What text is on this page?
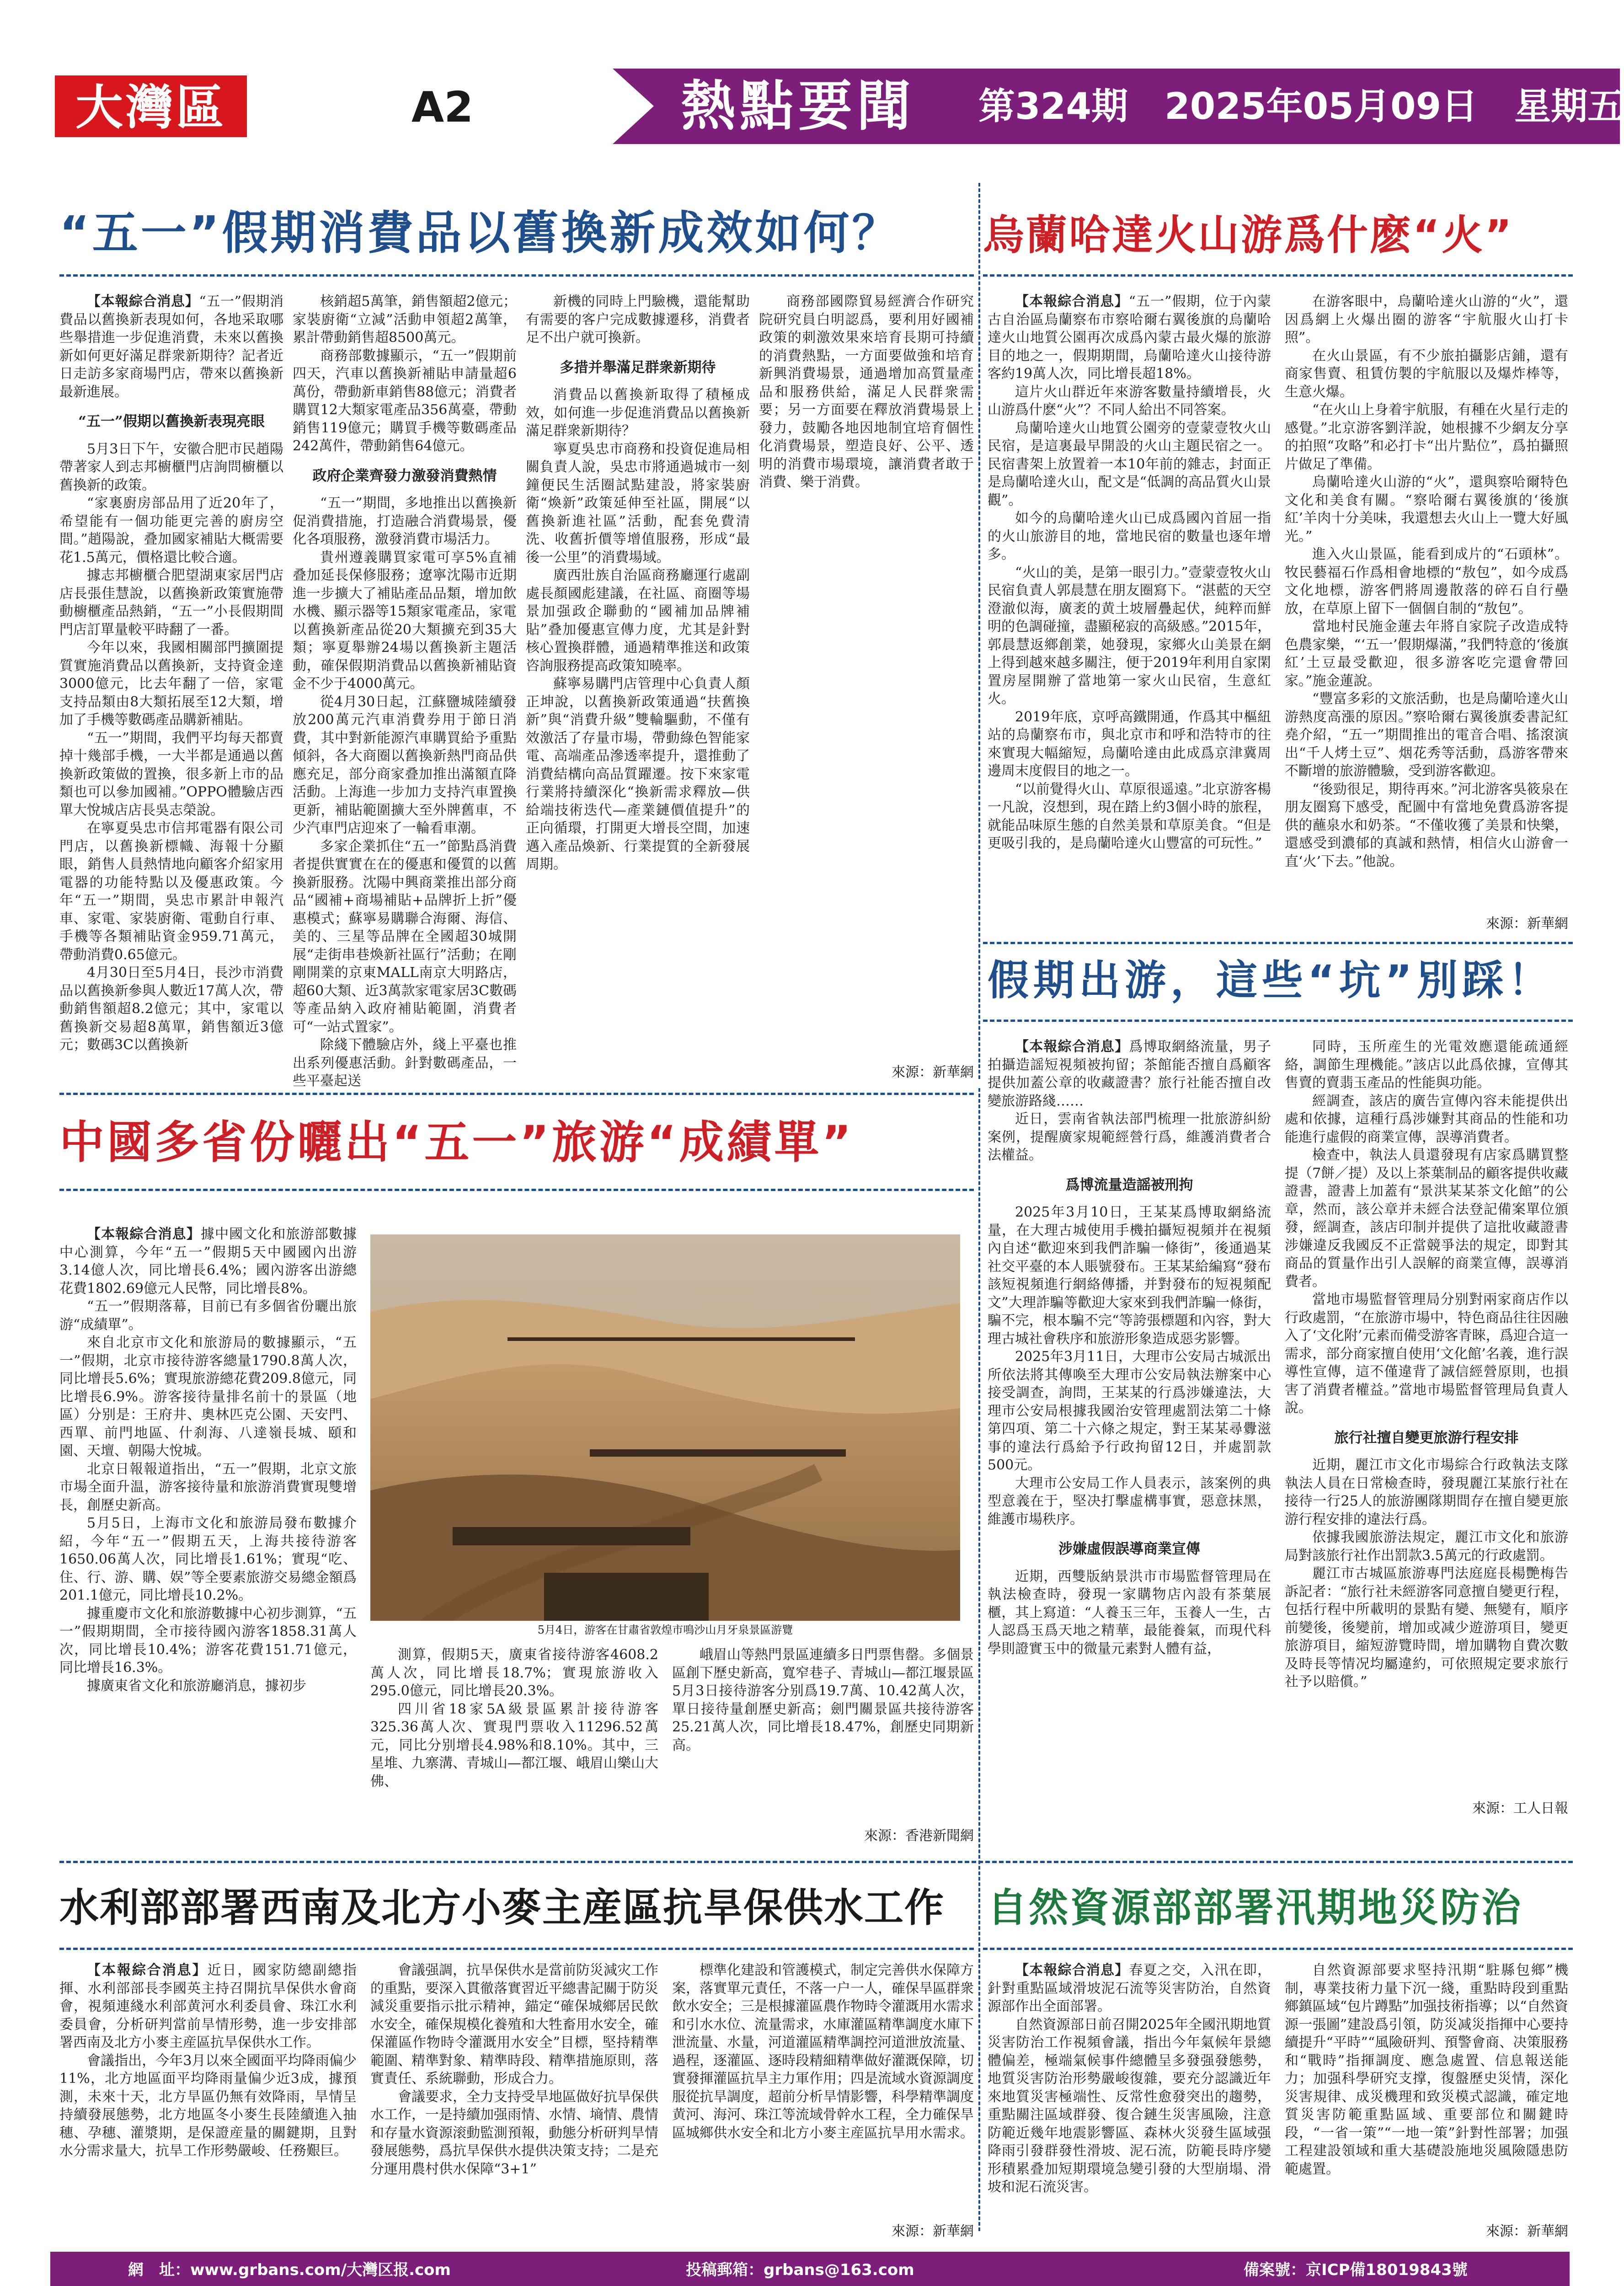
大灣區報
A2	熱點要聞	第324期　2025年05月09日　星期五
“五一”假期消費品以舊換新成效如何？

【本報綜合消息】“五一”假期消費品以舊換新表現如何，各地采取哪些舉措進一步促進消費，未來以舊換新如何更好滿足群衆新期待？記者近日走訪多家商場門店，帶來以舊換新最新進展。

“五一”假期以舊換新表現亮眼

5月3日下午，安徽合肥市民趙陽帶著家人到志邦櫥櫃門店詢問櫥櫃以舊換新的政策。

“家裏廚房部品用了近20年了，希望能有一個功能更完善的廚房空間。”趙陽說，叠加國家補貼大概需要花1.5萬元，價格還比較合適。

據志邦櫥櫃合肥望湖東家居門店店長張佳慧說，以舊換新政策實施帶動櫥櫃產品熱銷，“五一”小長假期間門店訂單量較平時翻了一番。

今年以來，我國相關部門擴圍提質實施消費品以舊換新，支持資金達3000億元，比去年翻了一倍，家電支持品類由8大類拓展至12大類，增加了手機等數碼產品購新補貼。

“五一”期間，我們平均每天都賣掉十幾部手機，一大半都是通過以舊換新政策做的置換，很多新上市的品類也可以參加國補。”OPPO體驗店西單大悅城店店長吳志榮說。

在寧夏吳忠市信邦電器有限公司門店，以舊換新標幟、海報十分顯眼，銷售人員熱情地向顧客介紹家用電器的功能特點以及優惠政策。今年“五一”期間，吳忠市累計申報汽車、家電、家裝廚衛、電動自行車、手機等各類補貼資金959.71萬元，帶動消費0.65億元。

4月30日至5月4日，長沙市消費品以舊換新參與人數近17萬人次，帶動銷售額超8.2億元；其中，家電以舊換新交易超8萬單，銷售額近3億元；數碼3C以舊換新

核銷超5萬筆，銷售額超2億元；家裝廚衛“立減”活動申領超2萬筆，累計帶動銷售超8500萬元。

商務部數據顯示，“五一”假期前四天，汽車以舊換新補貼申請量超6萬份，帶動新車銷售88億元；消費者購買12大類家電產品356萬臺，帶動銷售119億元；購買手機等數碼產品242萬件，帶動銷售64億元。

政府企業齊發力激發消費熱情

“五一”期間，多地推出以舊換新促消費措施，打造融合消費場景，優化各項服務，激發消費市場活力。

貴州遵義購買家電可享5%直補叠加延長保修服務；遼寧沈陽市近期進一步擴大了補貼產品品類，增加飲水機、顯示器等15類家電產品，家電以舊換新產品從20大類擴充到35大類；寧夏舉辦24場以舊換新主題活動，確保假期消費品以舊換新補貼資金不少于4000萬元。

從4月30日起，江蘇鹽城陸續發放200萬元汽車消費券用于節日消費，其中對新能源汽車購買給予重點傾斜，各大商圈以舊換新熱門商品供應充足，部分商家叠加推出滿額直降活動。上海進一步加力支持汽車置換更新，補貼範圍擴大至外牌舊車，不少汽車門店迎來了一輪看車潮。

多家企業抓住“五一”節點爲消費者提供實實在在的優惠和優質的以舊換新服務。沈陽中興商業推出部分商品“國補+商場補貼+品牌折上折”優惠模式；蘇寧易購聯合海爾、海信、美的、三星等品牌在全國超30城開展“走街串巷煥新社區行”活動；在剛剛開業的京東MALL南京大明路店，超60大類、近3萬款家電家居3C數碼等產品納入政府補貼範圍，消費者可“一站式置家”。

除綫下體驗店外，綫上平臺也推出系列優惠活動。針對數碼產品，一些平臺起送

新機的同時上門驗機，還能幫助有需要的客户完成數據遷移，消費者足不出户就可換新。

多措并舉滿足群衆新期待

消費品以舊換新取得了積極成效，如何進一步促進消費品以舊換新滿足群衆新期待？

寧夏吳忠市商務和投資促進局相關負責人說，吳忠市將通過城市一刻鐘便民生活圈試點建設，將家裝廚衛“煥新”政策延伸至社區，開展“以舊換新進社區”活動，配套免費清洗、收舊折價等增值服務，形成“最後一公里”的消費場域。

廣西壯族自治區商務廳運行處副處長顏國彪建議，在社區、商圈等場景加强政企聯動的“國補加品牌補貼”叠加優惠宣傳力度，尤其是針對核心置換群體，通過精準推送和政策咨詢服務提高政策知曉率。

蘇寧易購門店管理中心負責人顏正坤說，以舊換新政策通過“扶舊換新”與“消費升級”雙輪驅動，不僅有效激活了存量市場，帶動綠色智能家電、高端產品滲透率提升，還推動了消費結構向高品質躍遷。按下來家電行業將持續深化“換新需求釋放—供給端技術迭代—產業鏈價值提升”的正向循環，打開更大增長空間，加速邁入產品煥新、行業提質的全新發展周期。

商務部國際貿易經濟合作研究院研究員白明認爲，要利用好國補政策的刺激效果來培育長期可持續的消費熱點，一方面要做強和培育新興消費場景，通過增加高質量產品和服務供給，滿足人民群衆需要；另一方面要在釋放消費場景上發力，鼓勵各地因地制宜培育個性化消費場景，塑造良好、公平、透明的消費市場環境，讓消費者敢于消費、樂于消費。

來源：新華網
烏蘭哈達火山游爲什麽“火”

【本報綜合消息】“五一”假期，位于內蒙古自治區烏蘭察布市察哈爾右翼後旗的烏蘭哈達火山地質公園再次成爲內蒙古最火爆的旅游目的地之一，假期期間，烏蘭哈達火山接待游客約19萬人次，同比增長超18%。

這片火山群近年來游客數量持續增長，火山游爲什麽“火”？不同人給出不同答案。

烏蘭哈達火山地質公園旁的壹蒙壹牧火山民宿，是這裏最早開設的火山主題民宿之一。民宿書架上放置着一本10年前的雜志，封面正是烏蘭哈達火山，配文是“低調的高品質火山景觀”。

如今的烏蘭哈達火山已成爲國內首屈一指的火山旅游目的地，當地民宿的數量也逐年增多。

“火山的美，是第一眼引力。”壹蒙壹牧火山民宿負責人郭晨慧在朋友圈寫下。“湛藍的天空澄澈似海，廣袤的黄土坡層疊起伏，純粹而鮮明的色調碰撞，盡顯秘寂的高級感。”2015年，郭晨慧返鄉創業，她發現，家鄉火山美景在網上得到越來越多關注，便于2019年利用自家閑置房屋開辦了當地第一家火山民宿，生意紅火。

2019年底，京呼高鐵開通，作爲其中樞紐站的烏蘭察布市，與北京市和呼和浩特市的往來實現大幅縮短，烏蘭哈達由此成爲京津冀周邊周末度假目的地之一。

“以前覺得火山、草原很遥遠。”北京游客楊一凡說，沒想到，現在踏上約3個小時的旅程，就能品味原生態的自然美景和草原美食。“但是更吸引我的，是烏蘭哈達火山豐富的可玩性。”

在游客眼中，烏蘭哈達火山游的“火”，還因爲網上火爆出圈的游客“宇航服火山打卡照”。

在火山景區，有不少旅拍攝影店鋪，還有商家售賣、租賃仿製的宇航服以及爆炸棒等，生意火爆。

“在火山上身着宇航服，有種在火星行走的感覺。”北京游客劉洋說，她根據不少網友分享的拍照“攻略”和必打卡“出片點位”，爲拍攝照片做足了準備。

烏蘭哈達火山游的“火”，還與察哈爾特色文化和美食有關。“察哈爾右翼後旗的‘後旗紅’羊肉十分美味，我還想去火山上一覽大好風光。”

進入火山景區，能看到成片的“石頭林”。牧民藝福石作爲相會地標的“敖包”，如今成爲文化地標，游客們將周邊散落的碎石自行壘放，在草原上留下一個個自制的“敖包”。

當地村民施金蓮去年將自家院子改造成特色農家樂，“‘五一’假期爆滿，”我們特意的‘後旗紅’土豆最受歡迎，很多游客吃完還會帶回家。”施金蓮說。

“豐富多彩的文旅活動，也是烏蘭哈達火山游熱度高漲的原因。”察哈爾右翼後旗委書記紅堯介紹，“五一”期間推出的電音合唱、搖滾演出“千人烤土豆”、烟花秀等活動，爲游客帶來不斷增的旅游體驗，受到游客歡迎。

“後勁很足，期待再來。”河北游客吳筱泉在朋友圈寫下感受，配圖中有當地免費爲游客提供的蘸泉水和奶茶。“不僅收獲了美景和快樂，還感受到濃郁的真誠和熱情，相信火山游會一直‘火’下去。”他說。

來源：新華網
假期出游，這些“坑”別踩！

【本報綜合消息】爲博取網絡流量，男子拍攝造謡短視頻被拘留；茶館能否擅自爲顧客提供加蓋公章的收藏證書？旅行社能否擅自改變旅游路綫……

近日，雲南省執法部門梳理一批旅游糾紛案例，提醒廣家規範經營行爲，維護消費者合法權益。

爲博流量造謡被刑拘

2025年3月10日，王某某爲博取網絡流量，在大理古城使用手機拍攝短視頻并在視頻內自述“歡迎來到我們詐騙一條街”，後通過某社交平臺的本人賬號發布。王某某給編寫“發布該短視頻進行網絡傳播，并對發布的短視頻配文”大理詐騙等歡迎大家來到我們詐騙一條街，騙不完，根本騙不完“等誇張標題和內容，對大理古城社會秩序和旅游形象造成惡劣影響。

2025年3月11日，大理市公安局古城派出所依法將其傳喚至大理市公安局執法辦案中心接受調查，詢問，王某某的行爲涉嫌違法，大理市公安局根據我國治安管理處罰法第二十條第四項、第二十六條之規定，對王某某尋釁滋事的違法行爲給予行政拘留12日，并處罰款500元。

大理市公安局工作人員表示，該案例的典型意義在于，堅决打擊虛構事實，惡意抹黑，維護市場秩序。

涉嫌虛假誤導商業宣傳

近期，西雙版納景洪市市場監督管理局在執法檢查時，發現一家購物店內設有茶葉展櫃，其上寫道：“人養玉三年，玉養人一生，古人認爲玉爲天地之精華，最能養氣，而現代科學則證實玉中的微量元素對人體有益，

同時，玉所産生的光電效應還能疏通經絡，調節生理機能。”該店以此爲依據，宣傳其售賣的賣翡玉產品的性能與功能。

經調查，該店的廣告宣傳內容未能提供出處和依據，這種行爲涉嫌對其商品的性能和功能進行虛假的商業宣傳，誤導消費者。

檢查中，執法人員還發現有店家爲購買整提（7餅／提）及以上茶葉制品的顧客提供收藏證書，證書上加蓋有“景洪某某茶文化館”的公章，然而，該公章并未經合法登記備案單位頒發，經調查，該店印制并提供了這批收藏證書涉嫌違反我國反不正當競爭法的規定，即對其商品的質量作出引人誤解的商業宣傳，誤導消費者。

當地市場監督管理局分别對兩家商店作以行政處罰，“在旅游市場中，特色商品往往因融入了‘文化附’元素而備受游客青睞，爲迎合這一需求，部分商家擅自使用‘文化館’名義，進行誤導性宣傳，這不僅違背了誠信經營原則，也損害了消費者權益。”當地市場監督管理局負責人說。

旅行社擅自變更旅游行程安排

近期，麗江市文化市場綜合行政執法支隊執法人員在日常檢查時，發現麗江某旅行社在接待一行25人的旅游團隊期間存在擅自變更旅游行程安排的違法行爲。

依據我國旅游法規定，麗江市文化和旅游局對該旅行社作出罰款3.5萬元的行政處罰。

麗江市古城區旅游專門法庭庭長楊艷梅告訴記者：“旅行社未經游客同意擅自變更行程，包括行程中所載明的景點有變、無變有，順序前變後，後變前，增加或减少遊游項目，變更旅游項目，縮短游覽時間，增加購物自費次數及時長等情况均屬違約，可依照規定要求旅行社予以賠償。”

來源：工人日報
中國多省份曬出“五一”旅游“成績單”

【本報綜合消息】據中國文化和旅游部數據中心測算，今年“五一”假期5天中國國內出游3.14億人次，同比增長6.4%；國內游客出游總花費1802.69億元人民幣，同比增長8%。

“五一”假期落幕，目前已有多個省份曬出旅游“成績單”。

來自北京市文化和旅游局的數據顯示，“五一”假期，北京市接待游客總量1790.8萬人次，同比增長5.6%；實現旅游總花費209.8億元，同比增長6.9%。游客接待量排名前十的景區（地區）分别是：王府井、奧林匹克公園、天安門、西單、前門地區、什刹海、八達嶺長城、頤和園、天壇、朝陽大悅城。

北京日報報道指出，“五一”假期，北京文旅市場全面升温，游客接待量和旅游消費實現雙增長，創歷史新高。

5月5日，上海市文化和旅游局發布數據介紹，今年“五一”假期五天，上海共接待游客1650.06萬人次，同比增長1.61%；實現“吃、住、行、游、購、娱”等全要素旅游交易總金額爲201.1億元，同比增長10.2%。

據重慶市文化和旅游數據中心初步測算，“五一”假期期間，全市接待國內游客1858.31萬人次，同比增長10.4%；游客花費151.71億元，同比增長16.3%。

據廣東省文化和旅游廳消息，據初步

5月4日，游客在甘肅省敦煌市鳴沙山月牙泉景區游覽

測算，假期5天，廣東省接待游客4608.2萬人次，同比增長18.7%；實現旅游收入295.0億元，同比增長20.3%。

四川省18家5A級景區累計接待游客325.36萬人次、實現門票收入11296.52萬元，同比分别增長4.98%和8.10%。其中，三星堆、九寨溝、青城山—都江堰、峨眉山樂山大佛、

峨眉山等熱門景區連續多日門票售罄。多個景區創下歷史新高，寬窄巷子、青城山—都江堰景區5月3日接待游客分别爲19.7萬、10.42萬人次，單日接待量創歷史新高；劍門關景區共接待游客25.21萬人次，同比增長18.47%，創歷史同期新高。

來源：香港新聞網
水利部部署西南及北方小麥主産區抗旱保供水工作

【本報綜合消息】近日，國家防總副總指揮、水利部部長李國英主持召開抗旱保供水會商會，視頻連綫水利部黄河水利委員會、珠江水利委員會，分析研判當前旱情形勢，進一步安排部署西南及北方小麥主産區抗旱保供水工作。

會議指出，今年3月以來全國面平均降雨偏少11%，北方地區面平均降雨量偏少近3成，據預測，未來十天，北方旱區仍無有效降雨，旱情呈持續發展態勢，北方地區冬小麥生長陸續進入抽穗、孕穗、灌漿期，是保證産量的關鍵期，且對水分需求量大，抗旱工作形勢嚴峻、任務艱巨。

會議强調，抗旱保供水是當前防災減灾工作的重點，要深入貫徹落實習近平總書記關于防災減災重要指示批示精神，錨定“確保城鄉居民飲水安全，確保規模化養殖和大牲畜用水安全，確保灌區作物時令灌溉用水安全”目標，堅持精準範圍、精準對象、精準時段、精準措施原則，落實責任、系統聯動，形成合力。

會議要求，全力支持受旱地區做好抗旱保供水工作，一是持續加强雨情、水情、墒情、農情和存量水資源滚動監測預報，動態分析研判旱情發展態勢，爲抗旱保供水提供决策支持；二是充分運用農村供水保障“3+1”

標準化建設和管護模式，制定完善供水保障方案，落實單元責任，不落一户一人，確保旱區群衆飲水安全；三是根據灌區農作物時令灌溉用水需求和引水水位、流量需求，水庫灌區精準調度水庫下泄流量、水量，河道灌區精準調控河道泄放流量、過程，逐灌區、逐時段精細精準做好灌溉保障，切實發揮灌區抗旱主力軍作用；四是流域水資源調度服從抗旱調度，超前分析旱情影響，科學精準調度黄河、海河、珠江等流域骨幹水工程，全力確保旱區城鄉供水安全和北方小麥主産區抗旱用水需求。

來源：新華網
自然資源部部署汛期地災防治

【本報綜合消息】春夏之交，入汛在即，針對重點區域滑坡泥石流等災害防治，自然資源部作出全面部署。

自然資源部日前召開2025年全國汛期地質災害防治工作視頻會議，指出今年氣候年景總體偏差，極端氣候事件總體呈多發强發態勢，地質災害防治形勢嚴峻復雜，要充分認識近年來地質災害極端性、反常性愈發突出的趨勢，重點關注區域群發、復合鏈生災害風險，注意防範近幾年地震影響區、森林火災發生區域强降雨引發群發性滑坡、泥石流，防範長時序變形積累叠加短期環境急變引發的大型崩塌、滑坡和泥石流災害。

自然資源部要求堅持汛期“駐縣包鄉”機制，專業技術力量下沉一綫，重點時段到重點鄉鎮區域“包片蹲點”加强技術指導；以“自然資源一張圖”建設爲引領，防災减災指揮中心要持續提升“平時”“風險研判、預警會商、决策服務和“戰時”指揮調度、應急處置、信息報送能力；加强科學研究支撑，復盤歷史災情，深化災害規律、成災機理和致災模式認識，確定地質災害防範重點區域、重要部位和關鍵時段，“一省一策”“一地一策”針對性部署；加强工程建設領域和重大基礎設施地災風險隱患防範處置。

來源：新華網
網　址：www.grbans.com/大灣区报.com	投稿郵箱：grbans@163.com	備案號：京ICP備18019843號
